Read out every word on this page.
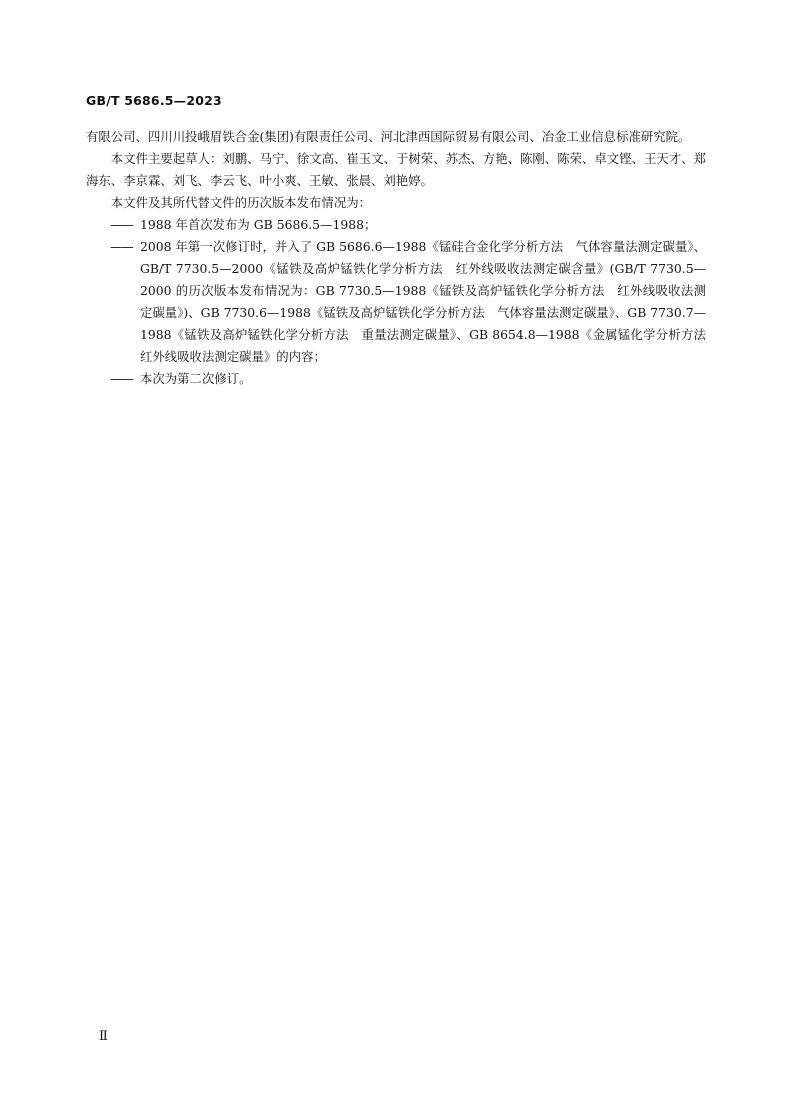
GB/T 5686.5—2023

有限公司、四川川投峨眉铁合金(集团)有限责任公司、河北津西国际贸易有限公司、冶金工业信息标准研究院。

本文件主要起草人：刘鹏、马宁、徐文高、崔玉文、于树荣、苏杰、方艳、陈刚、陈荣、卓文铿、王天才、郑海东、李京霖、刘飞、李云飞、叶小爽、王敏、张晨、刘艳婷。

本文件及其所代替文件的历次版本发布情况为：

—— 1988 年首次发布为 GB 5686.5—1988；

—— 2008 年第一次修订时，并入了 GB 5686.6—1988《锰硅合金化学分析方法　气体容量法测定碳量》、GB/T 7730.5—2000《锰铁及高炉锰铁化学分析方法　红外线吸收法测定碳含量》(GB/T 7730.5—2000 的历次版本发布情况为：GB 7730.5—1988《锰铁及高炉锰铁化学分析方法　红外线吸收法测定碳量》)、GB 7730.6—1988《锰铁及高炉锰铁化学分析方法　气体容量法测定碳量》、GB 7730.7—1988《锰铁及高炉锰铁化学分析方法　重量法测定碳量》、GB 8654.8—1988《金属锰化学分析方法　红外线吸收法测定碳量》的内容；

—— 本次为第二次修订。

Ⅱ
